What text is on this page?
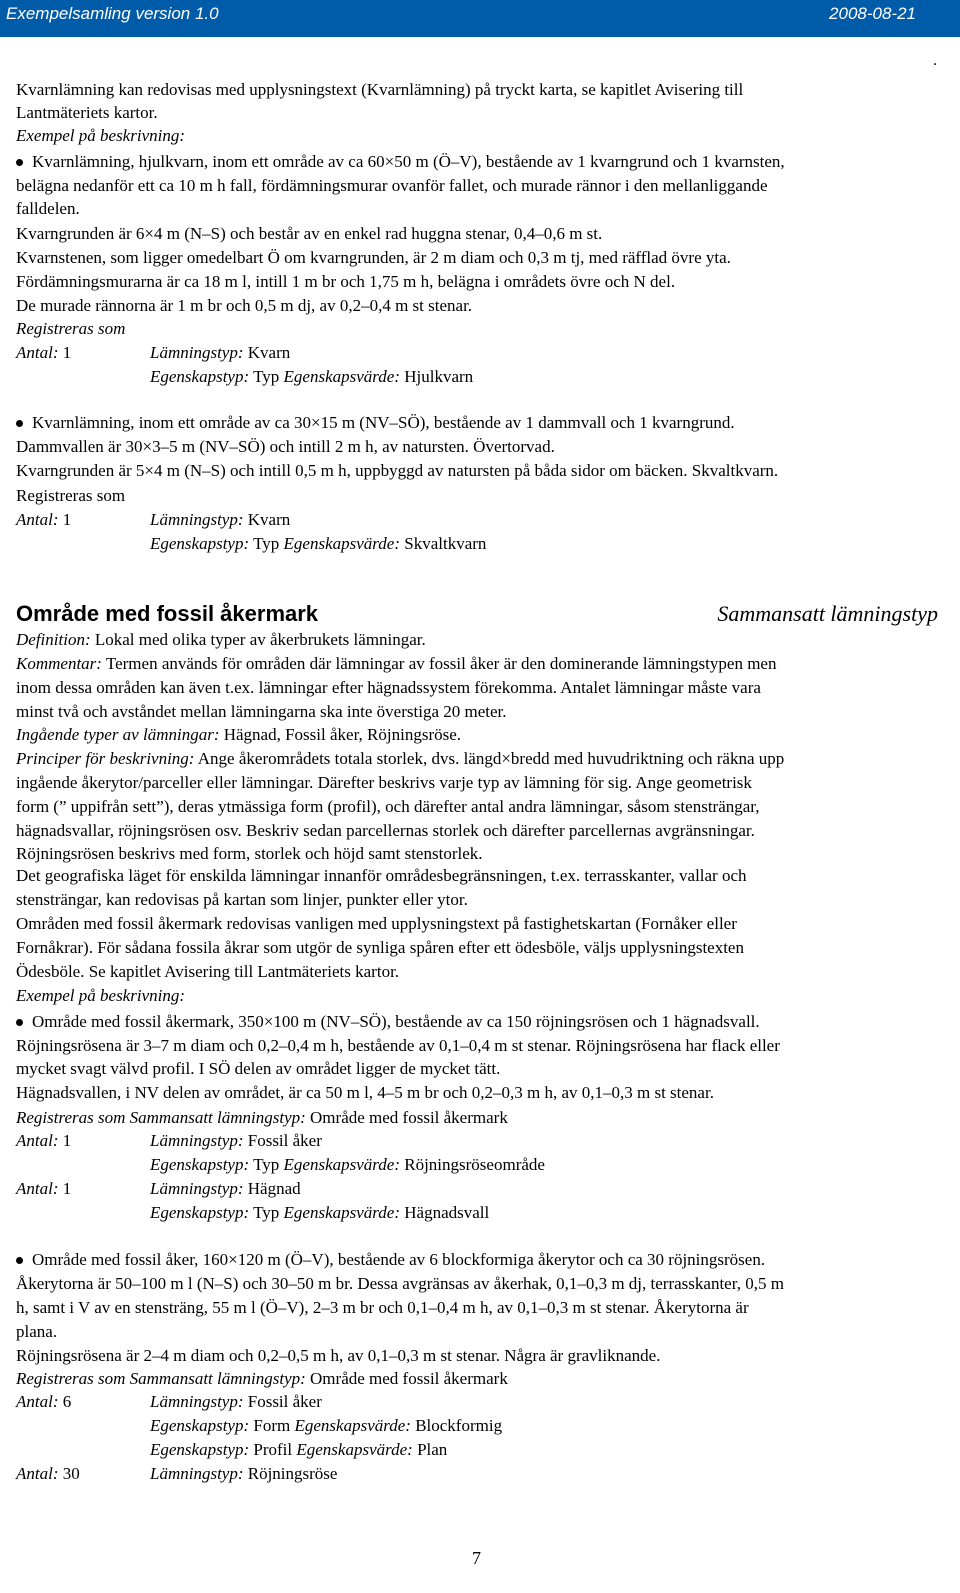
Exempelsamling version 1.0	2008-08-21
.
Kvarnlämning kan redovisas med upplysningstext (Kvarnlämning) på tryckt karta, se kapitlet Avisering till
Lantmäteriets kartor.
Exempel på beskrivning:
Kvarnlämning, hjulkvarn, inom ett område av ca 60×50 m (Ö–V), bestående av 1 kvarngrund och 1 kvarnsten,
belägna nedanför ett ca 10 m h fall, fördämningsmurar ovanför fallet, och murade rännor i den mellanliggande
falldelen.
Kvarngrunden är 6×4 m (N–S) och består av en enkel rad huggna stenar, 0,4–0,6 m st.
Kvarnstenen, som ligger omedelbart Ö om kvarngrunden, är 2 m diam och 0,3 m tj, med räfflad övre yta.
Fördämningsmurarna är ca 18 m l, intill 1 m br och 1,75 m h, belägna i områdets övre och N del.
De murade rännorna är 1 m br och 0,5 m dj, av 0,2–0,4 m st stenar.
Registreras som
Antal: 1	Lämningstyp: Kvarn
Egenskapstyp: Typ Egenskapsvärde: Hjulkvarn
Kvarnlämning, inom ett område av ca 30×15 m (NV–SÖ), bestående av 1 dammvall och 1 kvarngrund.
Dammvallen är 30×3–5 m (NV–SÖ) och intill 2 m h, av natursten. Övertorvad.
Kvarngrunden är 5×4 m (N–S) och intill 0,5 m h, uppbyggd av natursten på båda sidor om bäcken. Skvaltkvarn.
Registreras som
Antal: 1	Lämningstyp: Kvarn
Egenskapstyp: Typ Egenskapsvärde: Skvaltkvarn
Område med fossil åkermark	Sammansatt lämningstyp
Definition: Lokal med olika typer av åkerbrukets lämningar.
Kommentar: Termen används för områden där lämningar av fossil åker är den dominerande lämningstypen men
inom dessa områden kan även t.ex. lämningar efter hägnadssystem förekomma. Antalet lämningar måste vara
minst två och avståndet mellan lämningarna ska inte överstiga 20 meter.
Ingående typer av lämningar: Hägnad, Fossil åker, Röjningsröse.
Principer för beskrivning: Ange åkerområdets totala storlek, dvs. längd×bredd med huvudriktning och räkna upp
ingående åkerytor/parceller eller lämningar. Därefter beskrivs varje typ av lämning för sig. Ange geometrisk
form (” uppifrån sett”), deras ytmässiga form (profil), och därefter antal andra lämningar, såsom stensträngar,
hägnadsvallar, röjningsrösen osv. Beskriv sedan parcellernas storlek och därefter parcellernas avgränsningar.
Röjningsrösen beskrivs med form, storlek och höjd samt stenstorlek.
Det geografiska läget för enskilda lämningar innanför områdesbegränsningen, t.ex. terrasskanter, vallar och
stensträngar, kan redovisas på kartan som linjer, punkter eller ytor.
Områden med fossil åkermark redovisas vanligen med upplysningstext på fastighetskartan (Fornåker eller
Fornåkrar). För sådana fossila åkrar som utgör de synliga spåren efter ett ödesböle, väljs upplysningstexten
Ödesböle. Se kapitlet Avisering till Lantmäteriets kartor.
Exempel på beskrivning:
Område med fossil åkermark, 350×100 m (NV–SÖ), bestående av ca 150 röjningsrösen och 1 hägnadsvall.
Röjningsrösena är 3–7 m diam och 0,2–0,4 m h, bestående av 0,1–0,4 m st stenar. Röjningsrösena har flack eller
mycket svagt välvd profil. I SÖ delen av området ligger de mycket tätt.
Hägnadsvallen, i NV delen av området, är ca 50 m l, 4–5 m br och 0,2–0,3 m h, av 0,1–0,3 m st stenar.
Registreras som Sammansatt lämningstyp: Område med fossil åkermark
Antal: 1	Lämningstyp: Fossil åker
Egenskapstyp: Typ Egenskapsvärde: Röjningsröseområde
Antal: 1	Lämningstyp: Hägnad
Egenskapstyp: Typ Egenskapsvärde: Hägnadsvall
Område med fossil åker, 160×120 m (Ö–V), bestående av 6 blockformiga åkerytor och ca 30 röjningsrösen.
Åkerytorna är 50–100 m l (N–S) och 30–50 m br. Dessa avgränsas av åkerhak, 0,1–0,3 m dj, terrasskanter, 0,5 m
h, samt i V av en stensträng, 55 m l (Ö–V), 2–3 m br och 0,1–0,4 m h, av 0,1–0,3 m st stenar. Åkerytorna är
plana.
Röjningsrösena är 2–4 m diam och 0,2–0,5 m h, av 0,1–0,3 m st stenar. Några är gravliknande.
Registreras som Sammansatt lämningstyp: Område med fossil åkermark
Antal: 6	Lämningstyp: Fossil åker
Egenskapstyp: Form Egenskapsvärde: Blockformig
Egenskapstyp: Profil Egenskapsvärde: Plan
Antal: 30	Lämningstyp: Röjningsröse
7
